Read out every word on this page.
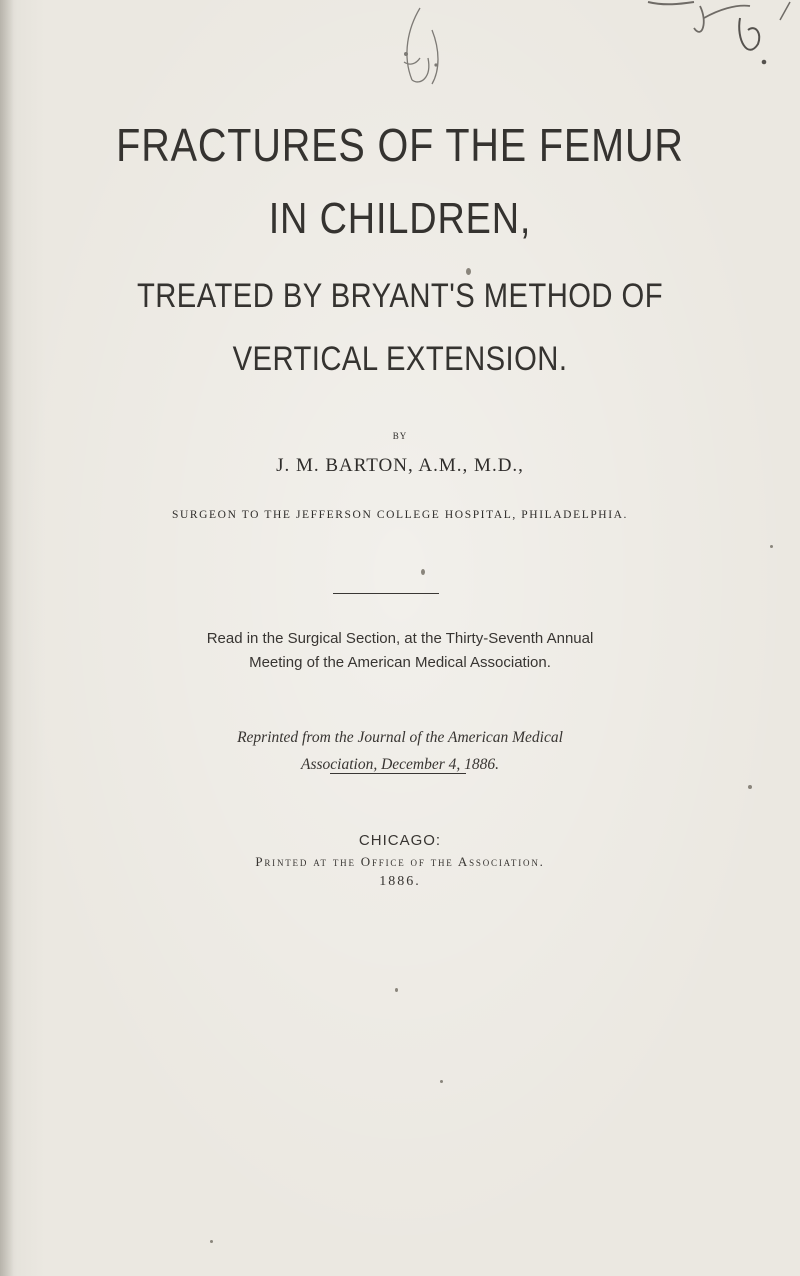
FRACTURES OF THE FEMUR
IN CHILDREN,
TREATED BY BRYANT'S METHOD OF
VERTICAL EXTENSION.
BY
J. M. BARTON, A.M., M.D.,
SURGEON TO THE JEFFERSON COLLEGE HOSPITAL, PHILADELPHIA.
Read in the Surgical Section, at the Thirty-Seventh Annual
Meeting of the American Medical Association.
Reprinted from the Journal of the American Medical
Association, December 4, 1886.
CHICAGO:
Printed at the Office of the Association.
1886.
